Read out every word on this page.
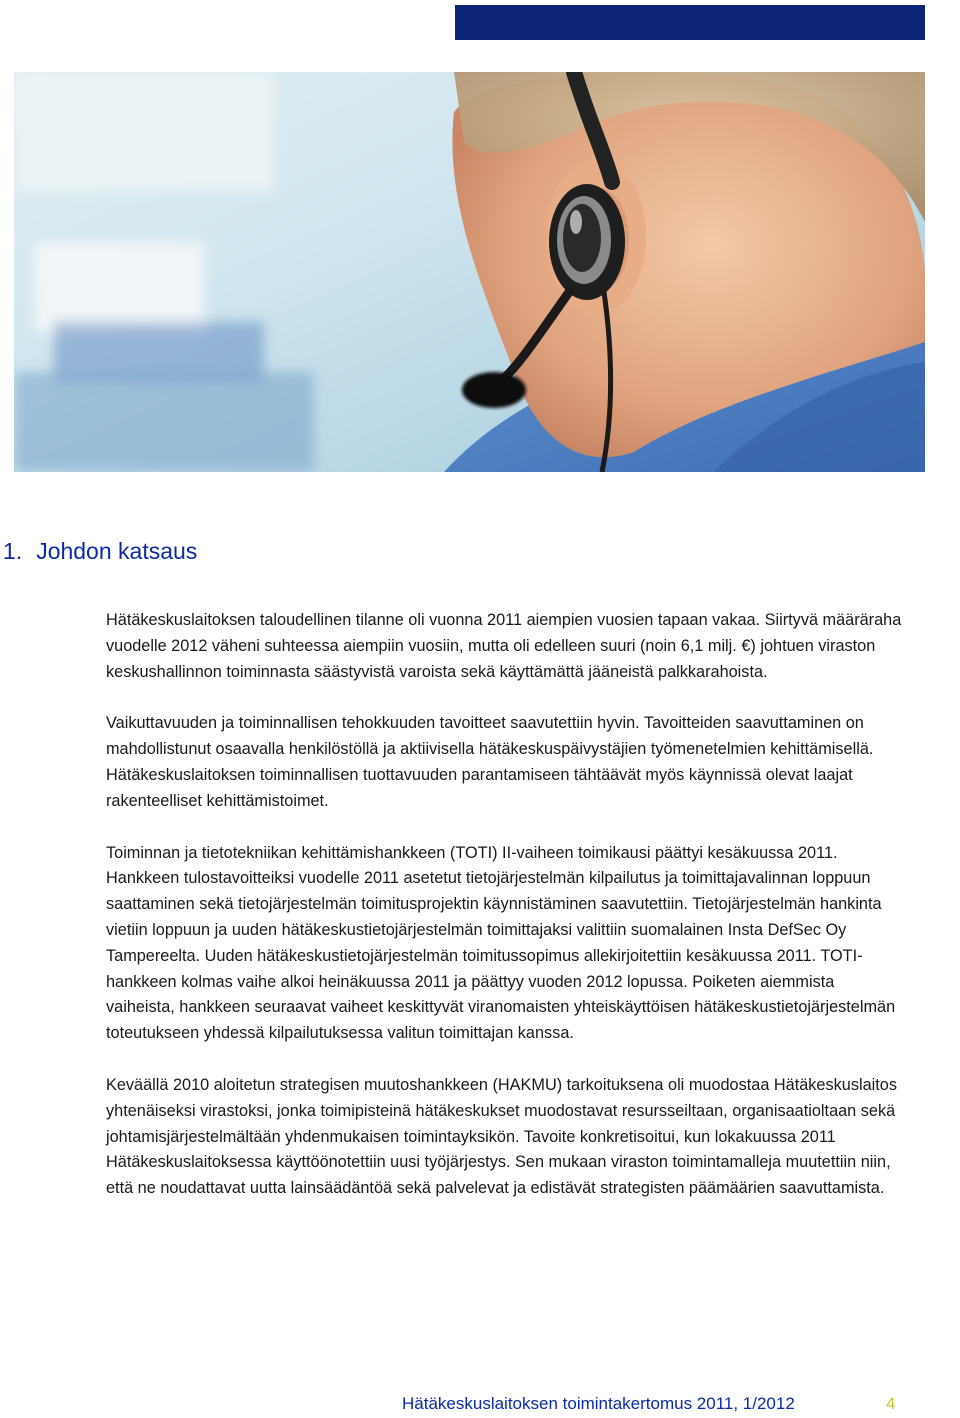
1. Johdon katsaus

Hätäkeskuslaitoksen taloudellinen tilanne oli vuonna 2011 aiempien vuosien tapaan vakaa. Siirtyvä määräraha vuodelle 2012 väheni suhteessa aiempiin vuosiin, mutta oli edelleen suuri (noin 6,1 milj. €) johtuen viraston keskushallinnon toiminnasta säästyvistä varoista sekä käyttämättä jääneistä palkkarahoista.

Vaikuttavuuden ja toiminnallisen tehokkuuden tavoitteet saavutettiin hyvin. Tavoitteiden saavuttaminen on mahdollistunut osaavalla henkilöstöllä ja aktiivisella hätäkeskuspäivystäjien työmenetelmien kehittämisellä. Hätäkeskuslaitoksen toiminnallisen tuottavuuden parantamiseen tähtäävät myös käynnissä olevat laajat rakenteelliset kehittämistoimet.

Toiminnan ja tietotekniikan kehittämishankkeen (TOTI) II-vaiheen toimikausi päättyi kesäkuussa 2011. Hankkeen tulostavoitteiksi vuodelle 2011 asetetut tietojärjestelmän kilpailutus ja toimittajavalinnan loppuun saattaminen sekä tietojärjestelmän toimitusprojektin käynnistäminen saavutettiin. Tietojärjestelmän hankinta vietiin loppuun ja uuden hätäkeskustietojärjestelmän toimittajaksi valittiin suomalainen Insta DefSec Oy Tampereelta. Uuden hätäkeskustietojärjestelmän toimitussopimus allekirjoitettiin kesäkuussa 2011. TOTI-hankkeen kolmas vaihe alkoi heinäkuussa 2011 ja päättyy vuoden 2012 lopussa. Poiketen aiemmista vaiheista, hankkeen seuraavat vaiheet keskittyvät viranomaisten yhteiskäyttöisen hätäkeskustietojärjestelmän toteutukseen yhdessä kilpailutuksessa valitun toimittajan kanssa.

Keväällä 2010 aloitetun strategisen muutoshankkeen (HAKMU) tarkoituksena oli muodostaa Hätäkeskuslaitos yhtenäiseksi virastoksi, jonka toimipisteinä hätäkeskukset muodostavat resursseiltaan, organisaatioltaan sekä johtamisjärjestelmältään yhdenmukaisen toimintayksikön. Tavoite konkretisoitui, kun lokakuussa 2011 Hätäkeskuslaitoksessa käyttöönotettiin uusi työjärjestys. Sen mukaan viraston toimintamalleja muutettiin niin, että ne noudattavat uutta lainsäädäntöä sekä palvelevat ja edistävät strategisten päämäärien saavuttamista.

Hätäkeskuslaitoksen toimintakertomus 2011, 1/2012	4
